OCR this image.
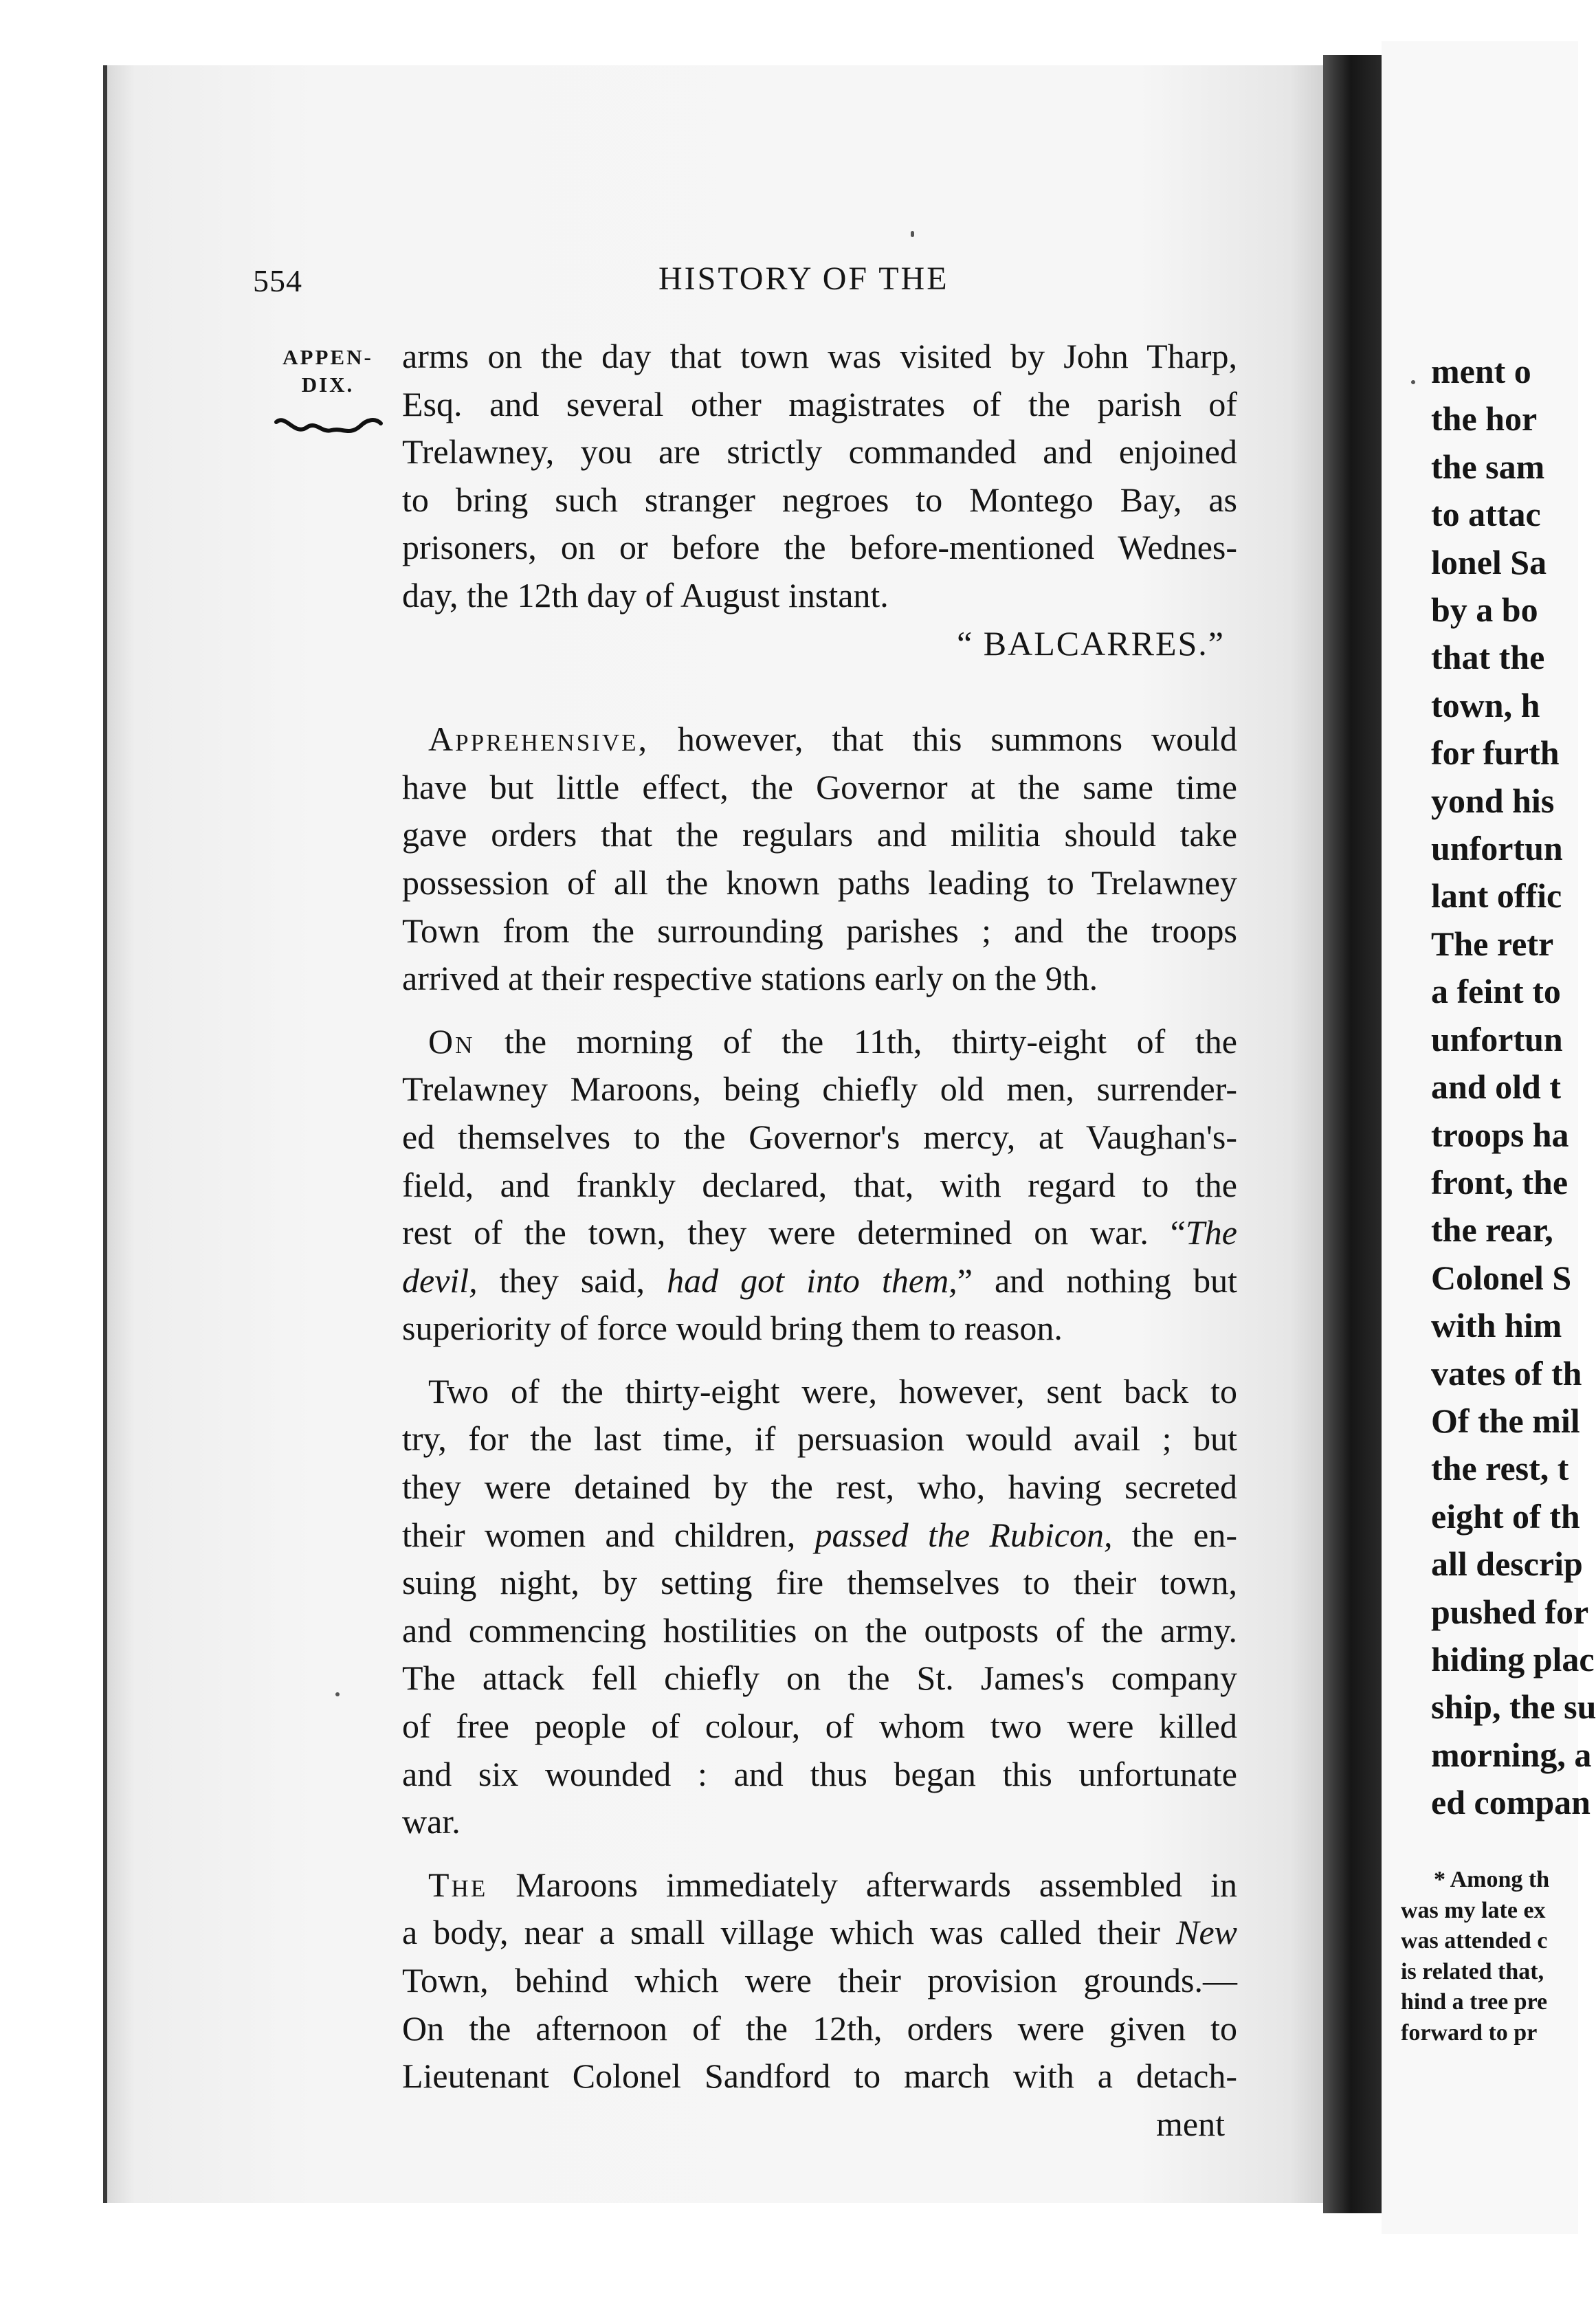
554	HISTORY OF THE
APPEN-
DIX.
arms on the day that town was visited by John Tharp,
Esq. and several other magistrates of the parish of
Trelawney, you are strictly commanded and enjoined
to bring such stranger negroes to Montego Bay, as
prisoners, on or before the before-mentioned Wednes-
day, the 12th day of August instant.
“ BALCARRES.”
Apprehensive, however, that this summons would
have but little effect, the Governor at the same time
gave orders that the regulars and militia should take
possession of all the known paths leading to Trelawney
Town from the surrounding parishes ; and the troops
arrived at their respective stations early on the 9th.
On the morning of the 11th, thirty-eight of the
Trelawney Maroons, being chiefly old men, surrender-
ed themselves to the Governor's mercy, at Vaughan's-
field, and frankly declared, that, with regard to the
rest of the town, they were determined on war. “The
devil, they said, had got into them,” and nothing but
superiority of force would bring them to reason.
Two of the thirty-eight were, however, sent back to
try, for the last time, if persuasion would avail ; but
they were detained by the rest, who, having secreted
their women and children, passed the Rubicon, the en-
suing night, by setting fire themselves to their town,
and commencing hostilities on the outposts of the army.
The attack fell chiefly on the St. James's company
of free people of colour, of whom two were killed
and six wounded : and thus began this unfortunate
war.
The Maroons immediately afterwards assembled in
a body, near a small village which was called their New
Town, behind which were their provision grounds.—
On the afternoon of the 12th, orders were given to
Lieutenant Colonel Sandford to march with a detach-
ment
ment o
the hor
the sam
to attac
lonel Sa
by a bo
that the
town, h
for furth
yond his
unfortun
lant offic
The retr
a feint to
unfortun
and old t
troops ha
front, the
the rear,
Colonel S
with him
vates of th
Of the mil
the rest, t
eight of th
all descrip
pushed for
hiding plac
ship, the su
morning, a
ed compan
* Among th
was my late ex
was attended c
is related that,
hind a tree pre
forward to pr
